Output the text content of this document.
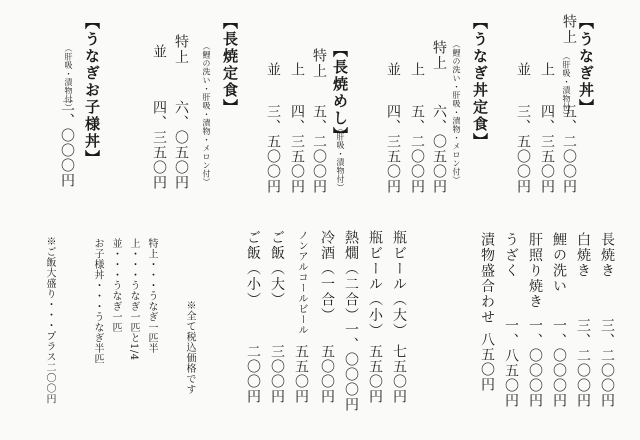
【うなぎ丼】
（肝吸・漬物付）
特上
五、二〇〇円
上
四、三五〇円
並
三、五〇〇円
【うなぎ丼定食】
（鯉の洗い・肝吸・漬物・メロン付）
特上
六、〇五〇円
上
五、二〇〇円
並
四、三五〇円
【長焼めし】
（肝吸・漬物付）
特上
五、二〇〇円
上
四、三五〇円
並
三、五〇〇円
【長焼定食】
（鯉の洗い・肝吸・漬物・メロン付）
特上
六、〇五〇円
並
四、三五〇円
【うなぎお子様丼】
（肝吸・漬物付）
二、〇〇〇円
長焼き
三、二〇〇円
白焼き
三、二〇〇円
鯉の洗い
一、〇〇〇円
肝照り焼き
一、〇〇〇円
うざく
一、八五〇円
漬物盛合わせ
八五〇円
瓶ビール（大）
七五〇円
瓶ビール（小）
五五〇円
熱燗（二合）
一、〇〇〇円
冷酒（一合）
五〇〇円
ノンアルコールビール
五五〇円
ご飯（大）
三〇〇円
ご飯（小）
二〇〇円
※全て税込価格です
特上・・・うなぎ一匹半
上・・・うなぎ一匹と1/4
並・・・うなぎ一匹
お子様丼・・・うなぎ半匹
※ご飯大盛り・・・プラス二〇〇円
